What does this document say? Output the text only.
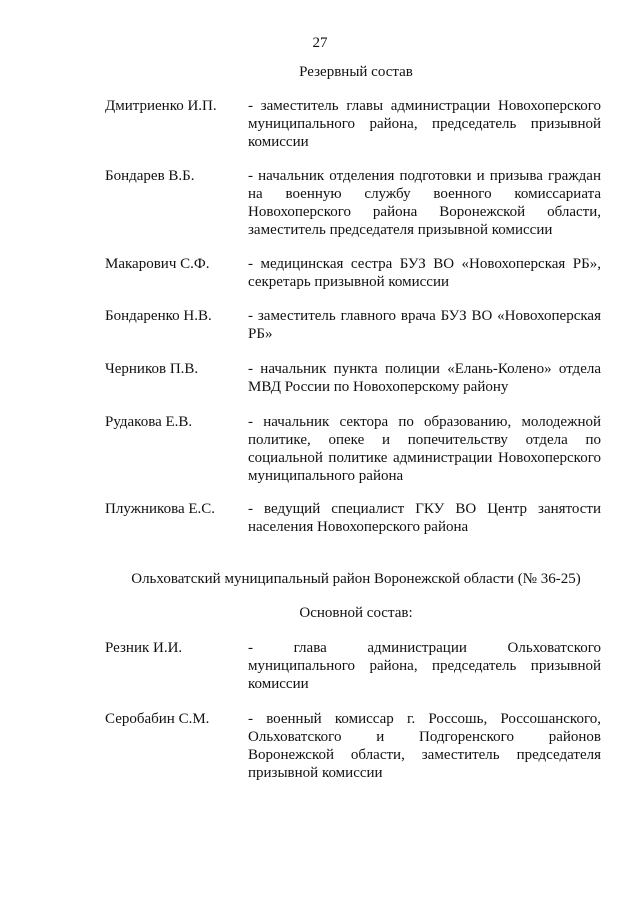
27
Резервный состав
Дмитриенко И.П. - заместитель главы администрации Новохоперского
муниципального района, председатель призывной
комиссии
Бондарев В.Б.	- начальник отделения подготовки и призыва граждан
на военную службу военного комиссариата
Новохоперского района Воронежской области,
заместитель председателя призывной комиссии
Макарович С.Ф.	- медицинская сестра БУЗ ВО «Новохоперская РБ»,
секретарь призывной комиссии
Бондаренко Н.В. - заместитель главного врача БУЗ ВО «Новохоперская
РБ»
Черников П.В.	- начальник пункта полиции «Елань-Колено» отдела
МВД России по Новохоперскому району
Рудакова Е.В.	- начальник сектора по образованию, молодежной
политике, опеке и попечительству отдела по
социальной политике администрации Новохоперского
муниципального района
Плужникова Е.С. - ведущий специалист ГКУ ВО Центр занятости
населения Новохоперского района
Ольховатский муниципальный район Воронежской области (№ 36-25)
Основной состав:
Резник И.И.	- глава администрации Ольховатского
муниципального района, председатель призывной
комиссии
Серобабин С.М.	- военный комиссар г. Россошь, Россошанского,
Ольховатского и Подгоренского районов
Воронежской области, заместитель председателя
призывной комиссии
